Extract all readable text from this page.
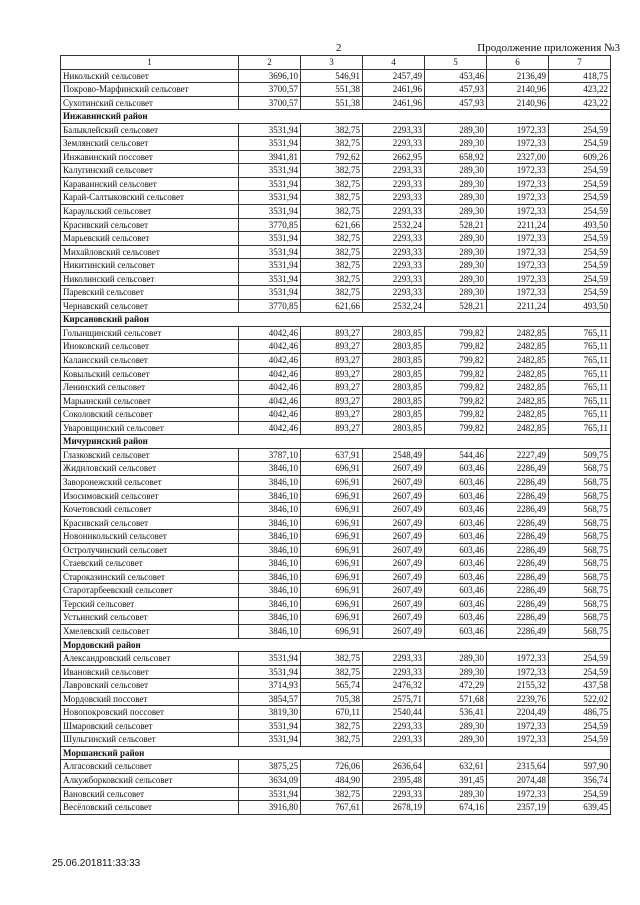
2	Продолжение приложения №3
1	2	3	4	5	6	7
Никольский сельсовет	3696,10	546,91	2457,49	453,46	2136,49	418,75
Покрово-Марфинский сельсовет	3700,57	551,38	2461,96	457,93	2140,96	423,22
Сухотинский сельсовет	3700,57	551,38	2461,96	457,93	2140,96	423,22
Инжавинский район						
Балыклейский сельсовет	3531,94	382,75	2293,33	289,30	1972,33	254,59
Землянский сельсовет	3531,94	382,75	2293,33	289,30	1972,33	254,59
Инжавинский поссовет	3941,81	792,62	2662,95	658,92	2327,00	609,26
Калугинский сельсовет	3531,94	382,75	2293,33	289,30	1972,33	254,59
Караваинский сельсовет	3531,94	382,75	2293,33	289,30	1972,33	254,59
Карай-Салтыковский сельсовет	3531,94	382,75	2293,33	289,30	1972,33	254,59
Караульский сельсовет	3531,94	382,75	2293,33	289,30	1972,33	254,59
Красивский сельсовет	3770,85	621,66	2532,24	528,21	2211,24	493,50
Марьевский сельсовет	3531,94	382,75	2293,33	289,30	1972,33	254,59
Михайловский сельсовет	3531,94	382,75	2293,33	289,30	1972,33	254,59
Никитинский сельсовет	3531,94	382,75	2293,33	289,30	1972,33	254,59
Николинский сельсовет	3531,94	382,75	2293,33	289,30	1972,33	254,59
Паревский сельсовет	3531,94	382,75	2293,33	289,30	1972,33	254,59
Чернавский сельсовет	3770,85	621,66	2532,24	528,21	2211,24	493,50
Кирсановский район						
Голынщинский сельсовет	4042,46	893,27	2803,85	799,82	2482,85	765,11
Иноковский сельсовет	4042,46	893,27	2803,85	799,82	2482,85	765,11
Калаисский сельсовет	4042,46	893,27	2803,85	799,82	2482,85	765,11
Ковыльский сельсовет	4042,46	893,27	2803,85	799,82	2482,85	765,11
Ленинский сельсовет	4042,46	893,27	2803,85	799,82	2482,85	765,11
Марьинский сельсовет	4042,46	893,27	2803,85	799,82	2482,85	765,11
Соколовский сельсовет	4042,46	893,27	2803,85	799,82	2482,85	765,11
Уваровщинский сельсовет	4042,46	893,27	2803,85	799,82	2482,85	765,11
Мичуринский район						
Глазковский сельсовет	3787,10	637,91	2548,49	544,46	2227,49	509,75
Жидиловский сельсовет	3846,10	696,91	2607,49	603,46	2286,49	568,75
Заворонежский сельсовет	3846,10	696,91	2607,49	603,46	2286,49	568,75
Изосимовский сельсовет	3846,10	696,91	2607,49	603,46	2286,49	568,75
Кочетовский сельсовет	3846,10	696,91	2607,49	603,46	2286,49	568,75
Красивский сельсовет	3846,10	696,91	2607,49	603,46	2286,49	568,75
Новоникольский сельсовет	3846,10	696,91	2607,49	603,46	2286,49	568,75
Остролучинский сельсовет	3846,10	696,91	2607,49	603,46	2286,49	568,75
Стаевский сельсовет	3846,10	696,91	2607,49	603,46	2286,49	568,75
Староказинский сельсовет	3846,10	696,91	2607,49	603,46	2286,49	568,75
Старотарбеевский сельсовет	3846,10	696,91	2607,49	603,46	2286,49	568,75
Терский сельсовет	3846,10	696,91	2607,49	603,46	2286,49	568,75
Устьинский сельсовет	3846,10	696,91	2607,49	603,46	2286,49	568,75
Хмелевский сельсовет	3846,10	696,91	2607,49	603,46	2286,49	568,75
Мордовский район						
Александровский сельсовет	3531,94	382,75	2293,33	289,30	1972,33	254,59
Ивановский сельсовет	3531,94	382,75	2293,33	289,30	1972,33	254,59
Лавровский сельсовет	3714,93	565,74	2476,32	472,29	2155,32	437,58
Мордовский поссовет	3854,57	705,38	2575,71	571,68	2239,76	522,02
Новопокровский поссовет	3819,30	670,11	2540,44	536,41	2204,49	486,75
Шмаровский сельсовет	3531,94	382,75	2293,33	289,30	1972,33	254,59
Шульгинский сельсовет	3531,94	382,75	2293,33	289,30	1972,33	254,59
Моршанский район						
Алгасовский сельсовет	3875,25	726,06	2636,64	632,61	2315,64	597,90
Алкужборковский сельсовет	3634,09	484,90	2395,48	391,45	2074,48	356,74
Вановский сельсовет	3531,94	382,75	2293,33	289,30	1972,33	254,59
Весёловский сельсовет	3916,80	767,61	2678,19	674,16	2357,19	639,45
25.06.201811:33:33
